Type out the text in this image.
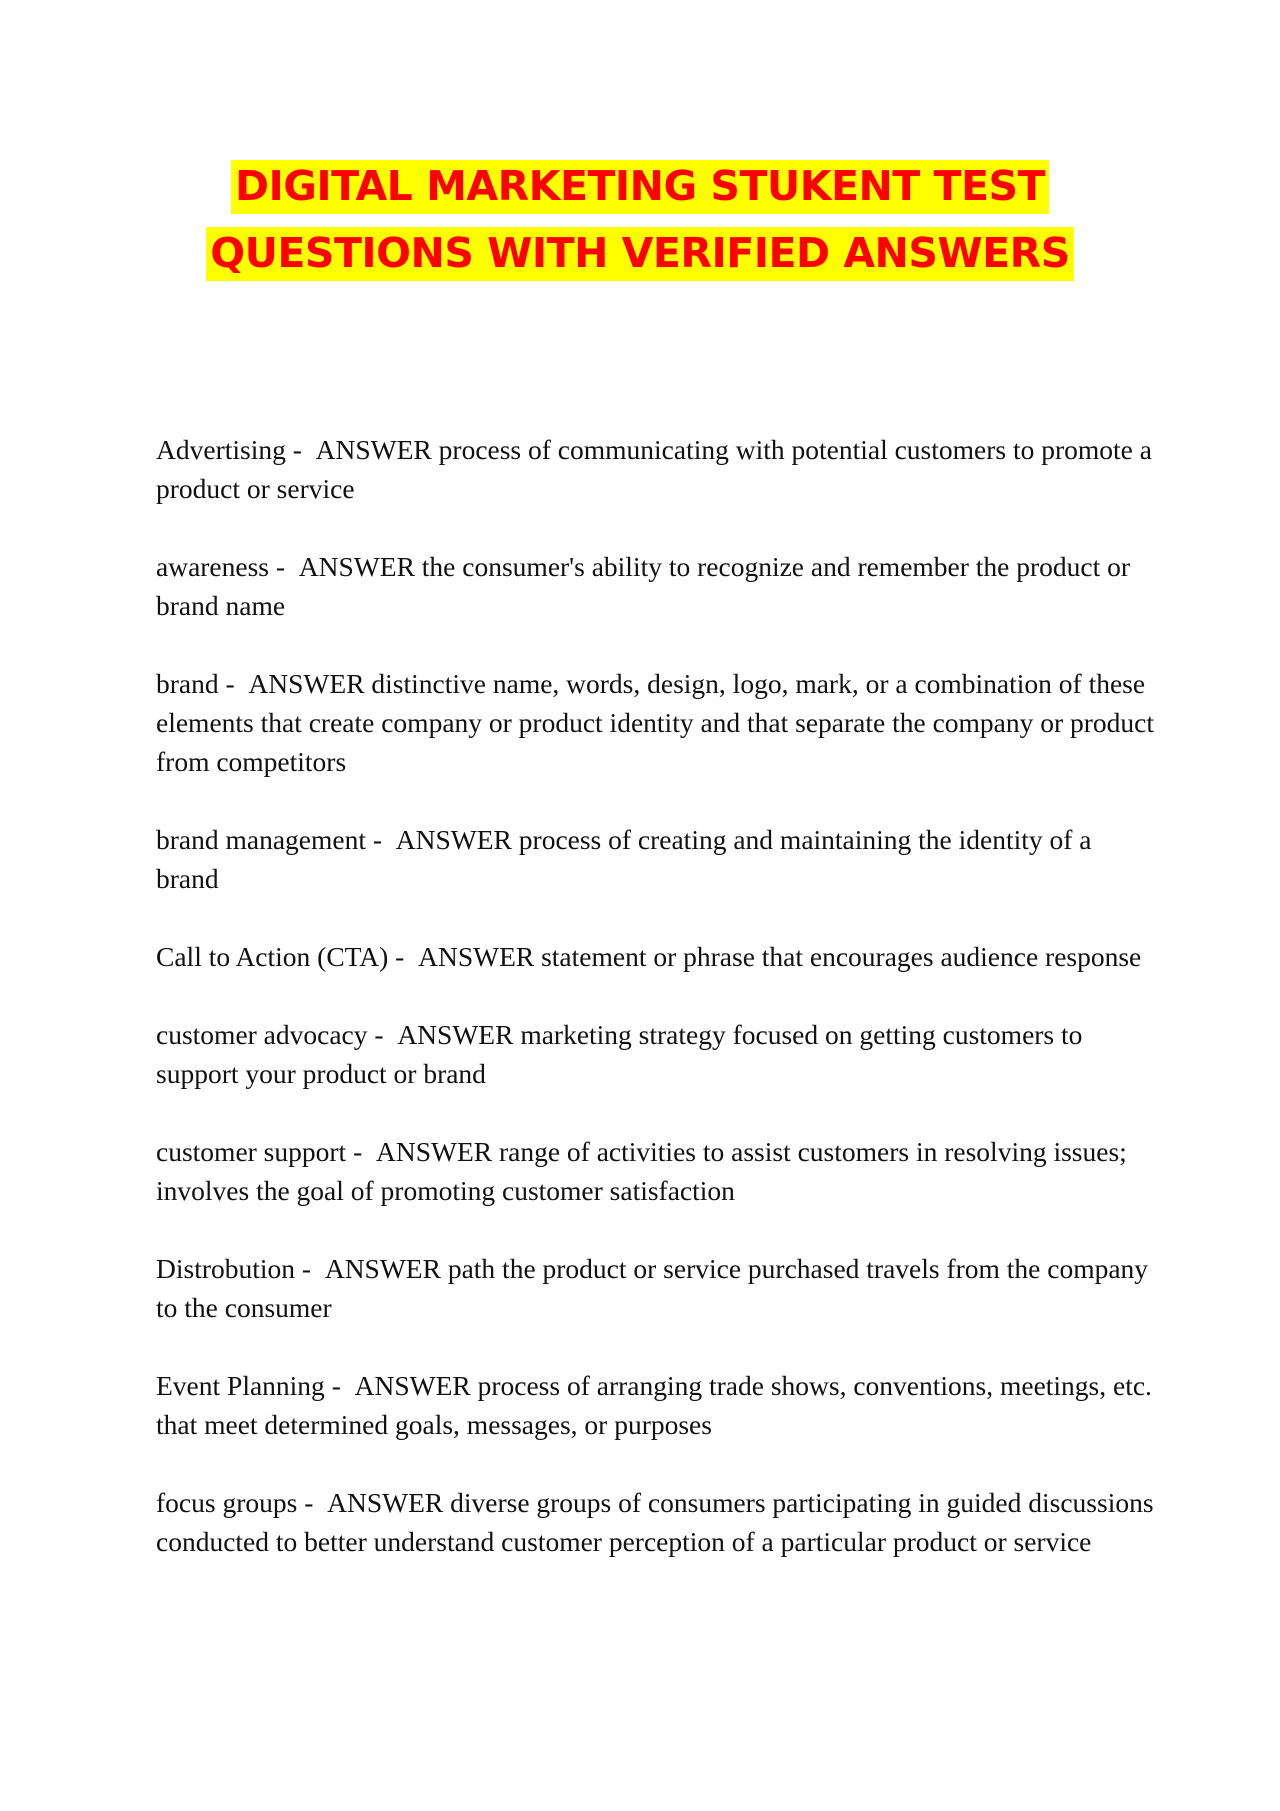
DIGITAL MARKETING STUKENT TEST
QUESTIONS WITH VERIFIED ANSWERS

Advertising - ANSWER process of communicating with potential customers to promote a product or service

awareness - ANSWER the consumer's ability to recognize and remember the product or brand name

brand - ANSWER distinctive name, words, design, logo, mark, or a combination of these elements that create company or product identity and that separate the company or product from competitors

brand management - ANSWER process of creating and maintaining the identity of a brand

Call to Action (CTA) - ANSWER statement or phrase that encourages audience response

customer advocacy - ANSWER marketing strategy focused on getting customers to support your product or brand

customer support - ANSWER range of activities to assist customers in resolving issues; involves the goal of promoting customer satisfaction

Distrobution - ANSWER path the product or service purchased travels from the company to the consumer

Event Planning - ANSWER process of arranging trade shows, conventions, meetings, etc. that meet determined goals, messages, or purposes

focus groups - ANSWER diverse groups of consumers participating in guided discussions conducted to better understand customer perception of a particular product or service
